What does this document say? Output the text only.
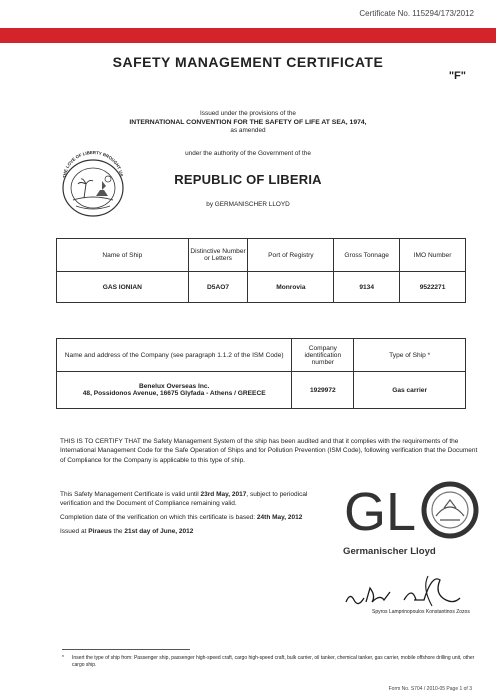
Certificate No. 115294/173/2012
SAFETY MANAGEMENT CERTIFICATE
"F"
Issued under the provisions of the
INTERNATIONAL CONVENTION FOR THE SAFETY OF LIFE AT SEA, 1974,
as amended
THE LOVE OF LIBERTY BROUGHT US
under the authority of the Government of the
REPUBLIC OF LIBERIA
by GERMANISCHER LLOYD
Name of Ship	Distinctive Number or Letters	Port of Registry	Gross Tonnage	IMO Number
GAS IONIAN	D5AO7	Monrovia	9134	9522271
Name and address of the Company (see paragraph 1.1.2 of the ISM Code)	Company identification number	Type of Ship *

Benelux Overseas Inc.
48, Possidonos Avenue, 16675 Glyfada - Athens / GREECE	1929972	Gas carrier
THIS IS TO CERTIFY THAT the Safety Management System of the ship has been audited and that it complies with the requirements of the International Management Code for the Safe Operation of Ships and for Pollution Prevention (ISM Code), following verification that the Document of Compliance for the Company is applicable to this type of ship.
This Safety Management Certificate is valid until 23rd May, 2017, subject to periodical verification and the Document of Compliance remaining valid.
Completion date of the verification on which this certificate is based: 24th May, 2012
Issued at Piraeus the 21st day of June, 2012	GL
Germanischer Lloyd
Spyros Lamprinopoulos Konstantinos Zozos
* Insert the type of ship from: Passenger ship, passenger high-speed craft, cargo high-speed craft, bulk carrier, oil tanker, chemical tanker, gas carrier, mobile offshore drilling unit, other cargo ship.
Form No. S704 / 2010-05 Page 1 of 3
